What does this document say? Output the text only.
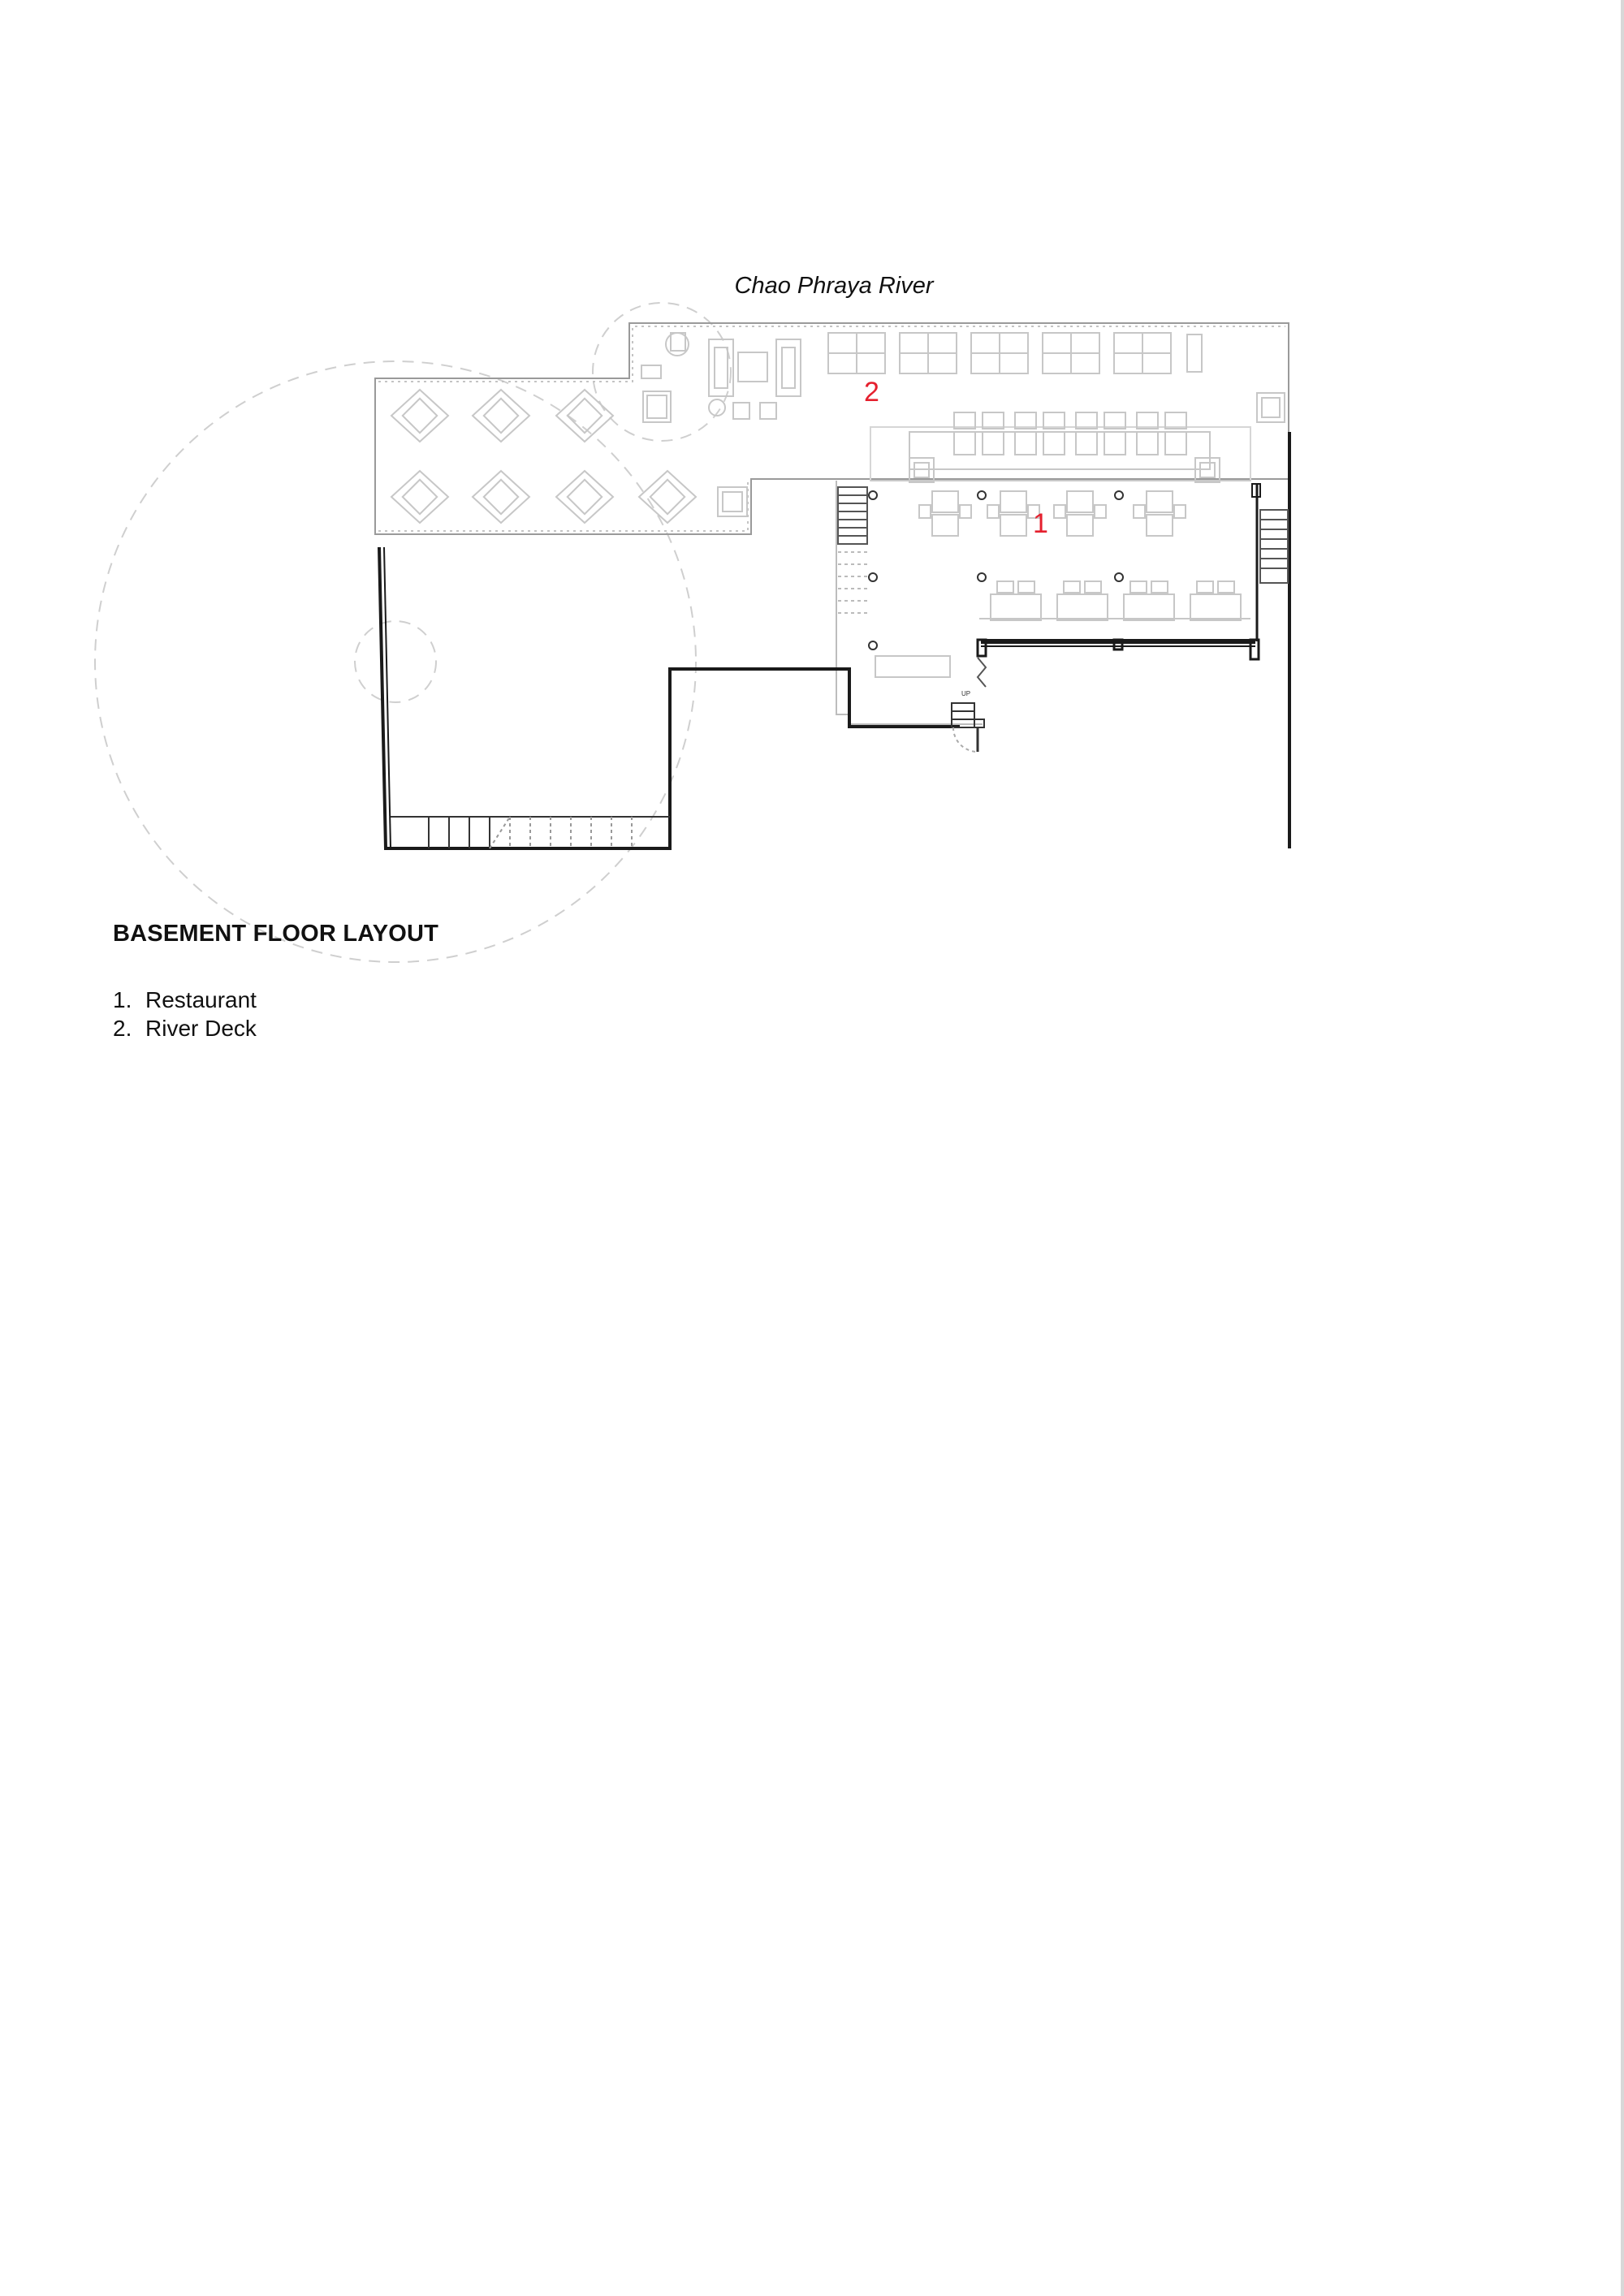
Chao Phraya River
2
1
BASEMENT FLOOR LAYOUT
1. Restaurant
2. River Deck
UP
